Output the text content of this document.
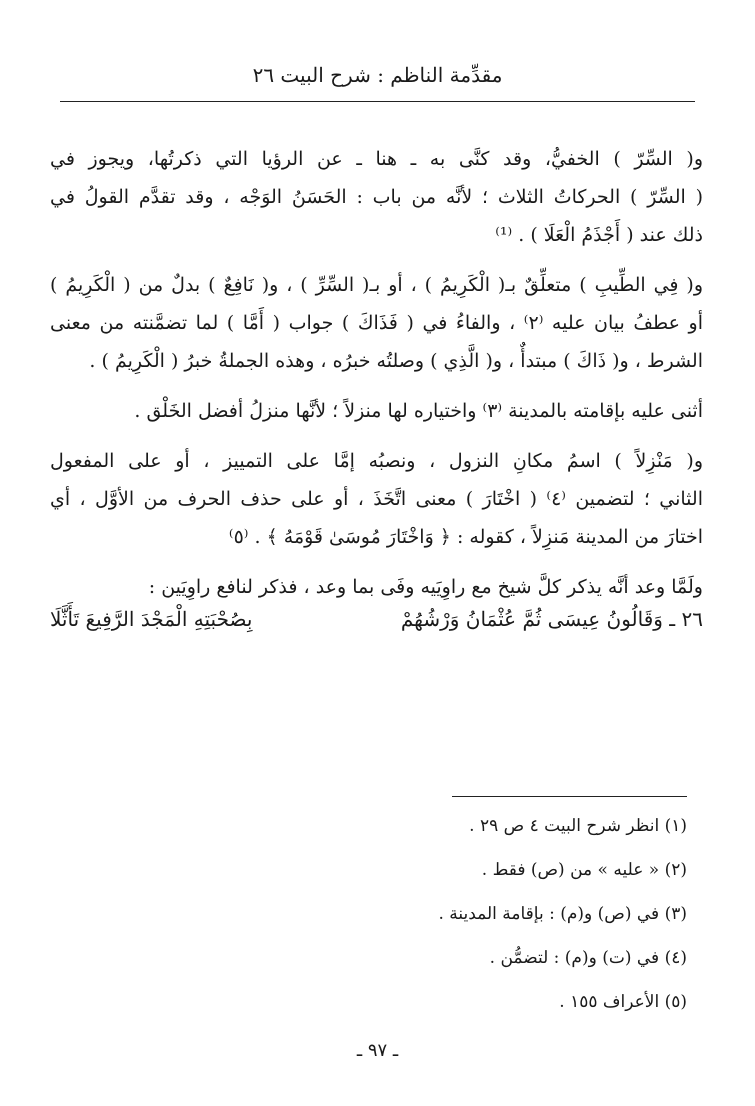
مقدِّمة الناظم : شرح البيت ٢٦
و( السِّرّ ) الخفيُّ، وقد كنَّى به ـ هنا ـ عن الرؤيا التي ذكرتُها، ويجوز في
( السِّرّ ) الحركاتُ الثلاث ؛ لأنَّه من باب : الحَسَنُ الوَجْه ، وقد تقدَّم القولُ في
ذلك عند ( أَجْذَمُ الْعَلَا ) . ⁽¹⁾
و( فِي الطِّيبِ ) متعلِّقٌ بـ( الْكَرِيمُ ) ، أو بـ( السِّرِّ ) ، و( نَافِعٌ ) بدلٌ من ( الْكَرِيمُ )
أو عطفُ بيان عليه ⁽٢⁾ ، والفاءُ في ( فَذَاكَ ) جواب ( أَمَّا ) لما تضمَّنته من معنى
الشرط ، و( ذَاكَ ) مبتدأٌ ، و( الَّذِي ) وصلتُه خبرُه ، وهذه الجملةُ خبرُ ( الْكَرِيمُ ) .
أثنى عليه بإقامته بالمدينة ⁽٣⁾ واختياره لها منزلاً ؛ لأنَّها منزلُ أفضل الخَلْق .
و( مَنْزِلاً ) اسمُ مكانِ النزول ، ونصبُه إمَّا على التمييز ، أو على المفعول
الثاني ؛ لتضمين ⁽٤⁾ ( اخْتَارَ ) معنى اتَّخَذَ ، أو على حذف الحرف من الأوَّل ، أي
اختارَ من المدينة مَنزِلاً ، كقوله : ﴿ وَاخْتَارَ مُوسَىٰ قَوْمَهُ ﴾ . ⁽٥⁾
ولَمَّا وعد أنَّه يذكر كلَّ شيخ مع راوِيَيه وفَى بما وعد ، فذكر لنافع راوِيَين :
٢٦ ـ وَقَالُونُ عِيسَى ثُمَّ عُثْمَانُ وَرْشُهُمْ
بِصُحْبَتِهِ الْمَجْدَ الرَّفِيعَ تَأَثَّلَا
(١) انظر شرح البيت ٤ ص ٢٩ .
(٢) « عليه » من (ص) فقط .
(٣) في (ص) و(م) : بإقامة المدينة .
(٤) في (ت) و(م) : لتضمُّن .
(٥) الأعراف ١٥٥ .
ـ ٩٧ ـ
